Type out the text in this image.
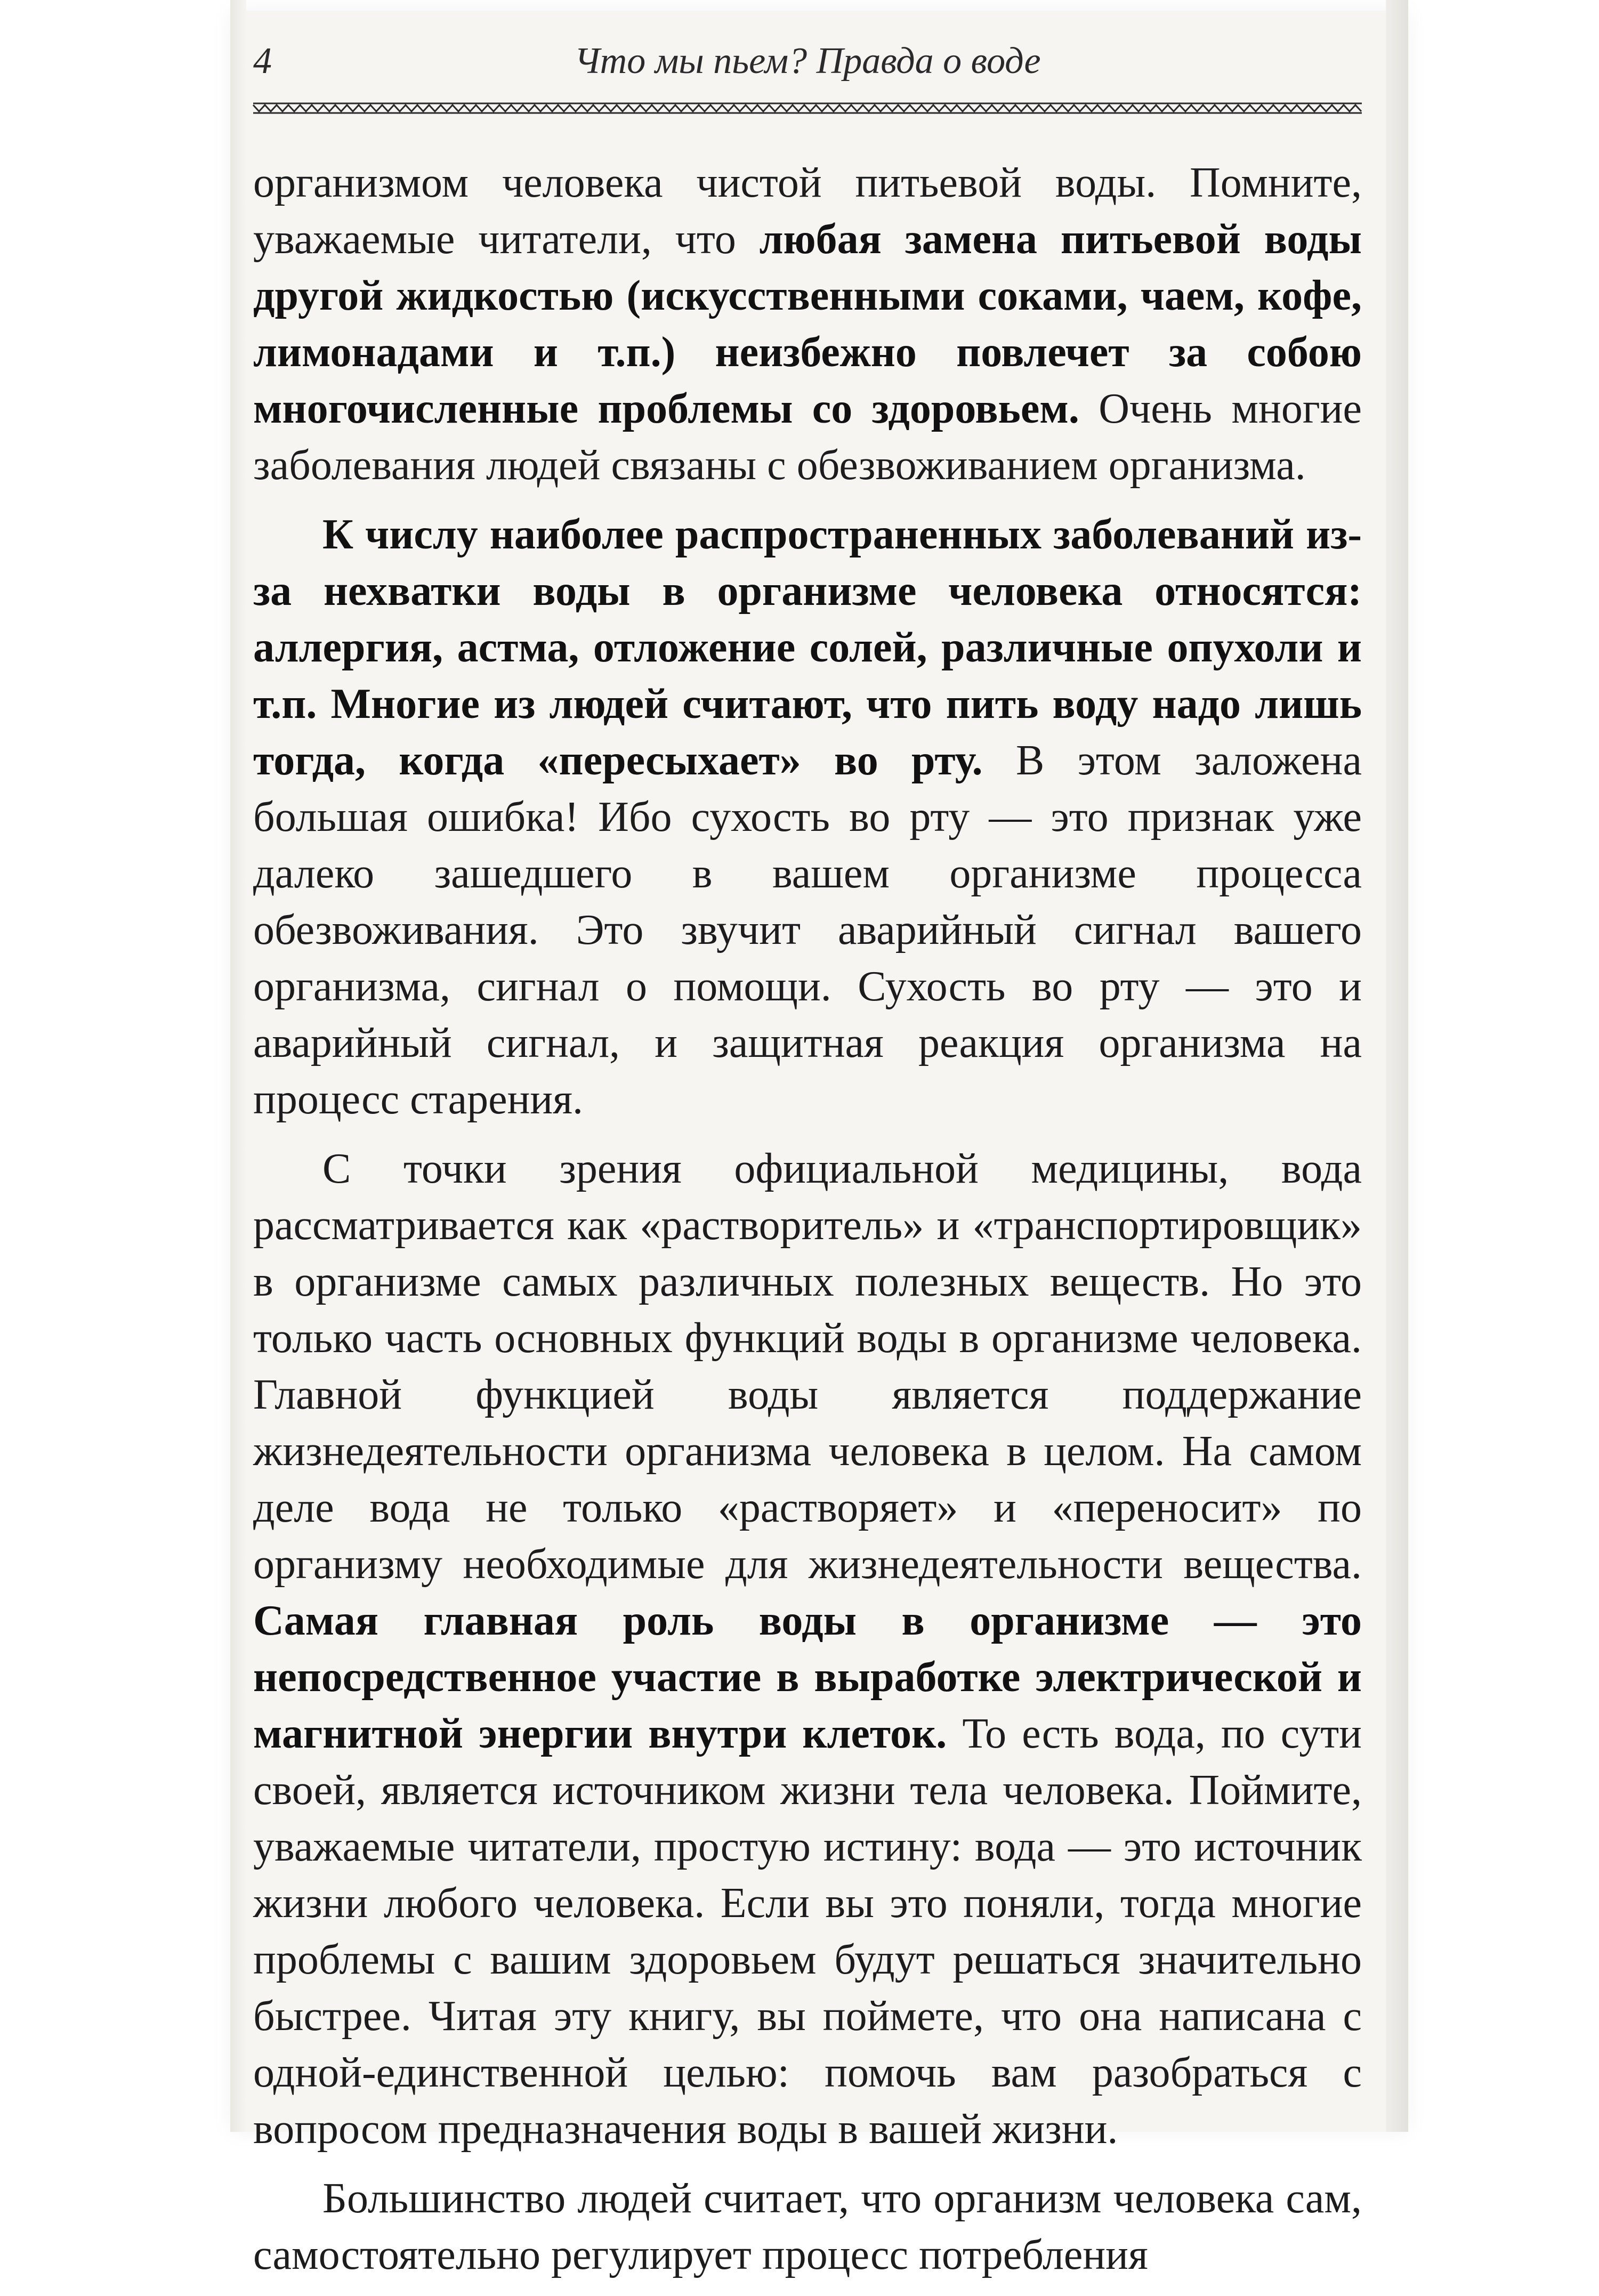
4	Что мы пьем? Правда о воде

организмом человека чистой питьевой воды. Помните, уважаемые читатели, что любая замена питьевой воды другой жидкостью (искусственными соками, чаем, кофе, лимонадами и т.п.) неизбежно повлечет за собою многочисленные проблемы со здоровьем. Очень многие заболевания людей связаны с обезвоживанием организма.

К числу наиболее распространенных заболеваний из-за нехватки воды в организме человека относятся: аллергия, астма, отложение солей, различные опухоли и т.п. Многие из людей считают, что пить воду надо лишь тогда, когда «пересыхает» во рту. В этом заложена большая ошибка! Ибо сухость во рту — это признак уже далеко зашедшего в вашем организме процесса обезвоживания. Это звучит аварийный сигнал вашего организма, сигнал о помощи. Сухость во рту — это и аварийный сигнал, и защитная реакция организма на процесс старения.

С точки зрения официальной медицины, вода рассматривается как «растворитель» и «транспортировщик» в организме самых различных полезных веществ. Но это только часть основных функций воды в организме человека. Главной функцией воды является поддержание жизнедеятельности организма человека в целом. На самом деле вода не только «растворяет» и «переносит» по организму необходимые для жизнедеятельности вещества. Самая главная роль воды в организме — это непосредственное участие в выработке электрической и магнитной энергии внутри клеток. То есть вода, по сути своей, является источником жизни тела человека. Поймите, уважаемые читатели, простую истину: вода — это источник жизни любого человека. Если вы это поняли, тогда многие проблемы с вашим здоровьем будут решаться значительно быстрее. Читая эту книгу, вы поймете, что она написана с одной-единственной целью: помочь вам разобраться с вопросом предназначения воды в вашей жизни.

Большинство людей считает, что организм человека сам, самостоятельно регулирует процесс потребления
